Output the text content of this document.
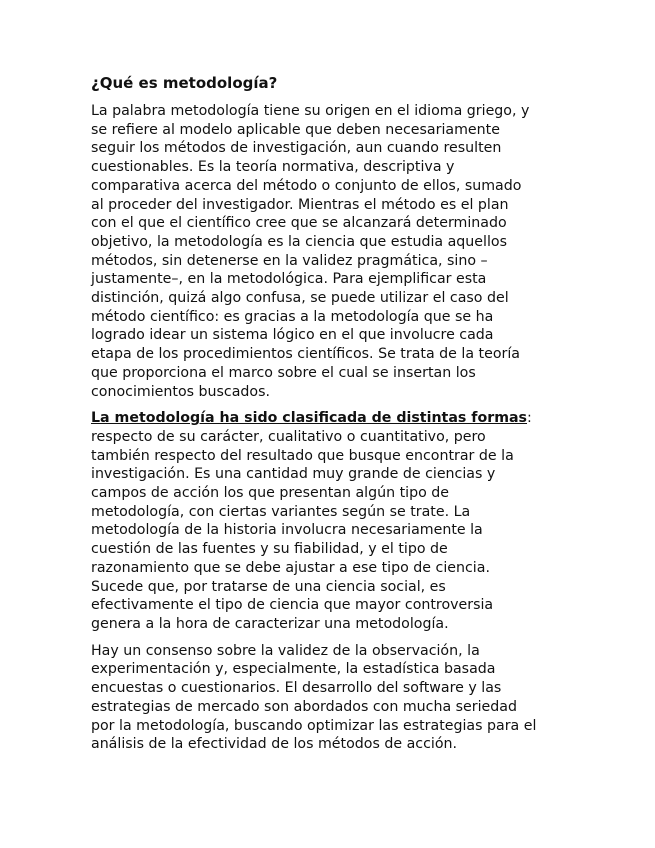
¿Qué es metodología?
La palabra metodología tiene su origen en el idioma griego, y
se refiere al modelo aplicable que deben necesariamente
seguir los métodos de investigación, aun cuando resulten
cuestionables. Es la teoría normativa, descriptiva y
comparativa acerca del método o conjunto de ellos, sumado
al proceder del investigador. Mientras el método es el plan
con el que el científico cree que se alcanzará determinado
objetivo, la metodología es la ciencia que estudia aquellos
métodos, sin detenerse en la validez pragmática, sino –
justamente–, en la metodológica. Para ejemplificar esta
distinción, quizá algo confusa, se puede utilizar el caso del
método científico: es gracias a la metodología que se ha
logrado idear un sistema lógico en el que involucre cada
etapa de los procedimientos científicos. Se trata de la teoría
que proporciona el marco sobre el cual se insertan los
conocimientos buscados.
La metodología ha sido clasificada de distintas formas:
respecto de su carácter, cualitativo o cuantitativo, pero
también respecto del resultado que busque encontrar de la
investigación. Es una cantidad muy grande de ciencias y
campos de acción los que presentan algún tipo de
metodología, con ciertas variantes según se trate. La
metodología de la historia involucra necesariamente la
cuestión de las fuentes y su fiabilidad, y el tipo de
razonamiento que se debe ajustar a ese tipo de ciencia.
Sucede que, por tratarse de una ciencia social, es
efectivamente el tipo de ciencia que mayor controversia
genera a la hora de caracterizar una metodología.
Hay un consenso sobre la validez de la observación, la
experimentación y, especialmente, la estadística basada
encuestas o cuestionarios. El desarrollo del software y las
estrategias de mercado son abordados con mucha seriedad
por la metodología, buscando optimizar las estrategias para el
análisis de la efectividad de los métodos de acción.
